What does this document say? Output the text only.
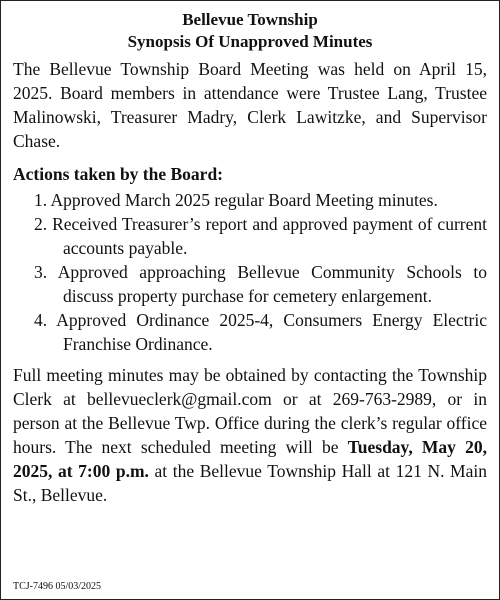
Bellevue Township

Synopsis Of Unapproved Minutes

The Bellevue Township Board Meeting was held on April 15, 2025. Board members in attendance were Trustee Lang, Trustee Malinowski, Treasurer Madry, Clerk Lawitzke, and Supervisor Chase.

Actions taken by the Board:

1. Approved March 2025 regular Board Meeting minutes.
2. Received Treasurer’s report and approved payment of current accounts payable.
3. Approved approaching Bellevue Community Schools to discuss property purchase for cemetery enlargement.
4. Approved Ordinance 2025-4, Consumers Energy Electric Franchise Ordinance.

Full meeting minutes may be obtained by contacting the Township Clerk at bellevueclerk@gmail.com or at 269-763-2989, or in person at the Bellevue Twp. Office during the clerk’s regular office hours. The next scheduled meeting will be Tuesday, May 20, 2025, at 7:00 p.m. at the Bellevue Township Hall at 121 N. Main St., Bellevue.

TCJ-7496 05/03/2025
